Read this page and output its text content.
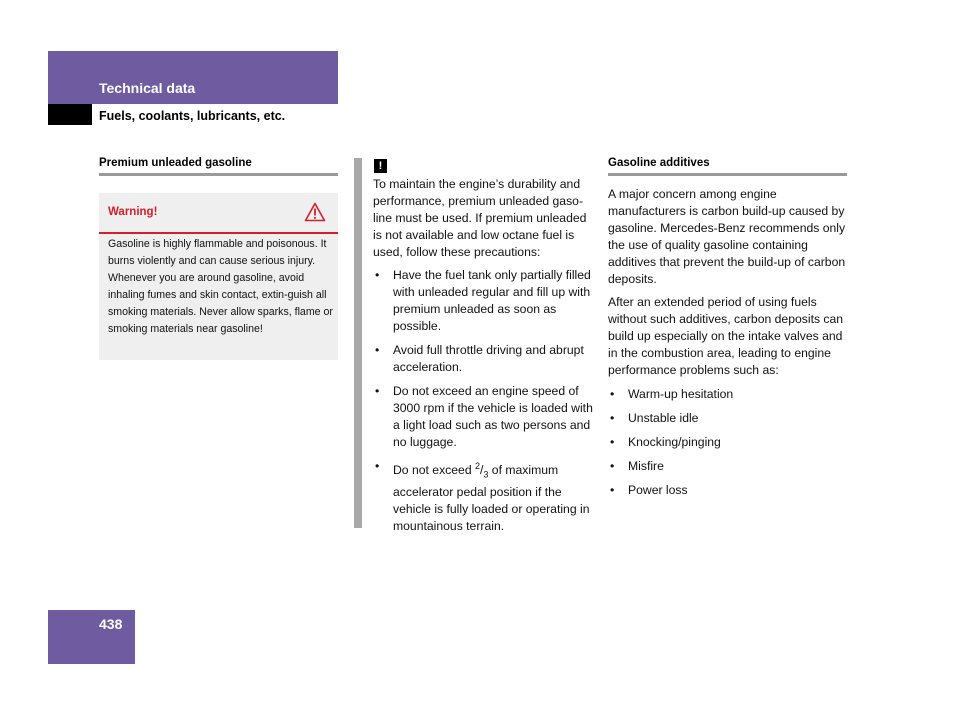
Technical data
Fuels, coolants, lubricants, etc.
Premium unleaded gasoline
Warning!
Gasoline is highly flammable and poisonous. It burns violently and can cause serious injury. Whenever you are around gasoline, avoid inhaling fumes and skin contact, extin-guish all smoking materials. Never allow sparks, flame or smoking materials near gasoline!
!
To maintain the engine’s durability and performance, premium unleaded gaso-line must be used. If premium unleaded is not available and low octane fuel is used, follow these precautions:
• Have the fuel tank only partially filled with unleaded regular and fill up with premium unleaded as soon as possible.
• Avoid full throttle driving and abrupt acceleration.
• Do not exceed an engine speed of 3000 rpm if the vehicle is loaded with a light load such as two persons and no luggage.
• Do not exceed $^2/_3$ of maximum accelerator pedal position if the vehicle is fully loaded or operating in mountainous terrain.
Gasoline additives
A major concern among engine manufacturers is carbon build-up caused by gasoline. Mercedes-Benz recommends only the use of quality gasoline containing additives that prevent the build-up of carbon deposits.
After an extended period of using fuels without such additives, carbon deposits can build up especially on the intake valves and in the combustion area, leading to engine performance problems such as:
• Warm-up hesitation
• Unstable idle
• Knocking/pinging
• Misfire
• Power loss
438
